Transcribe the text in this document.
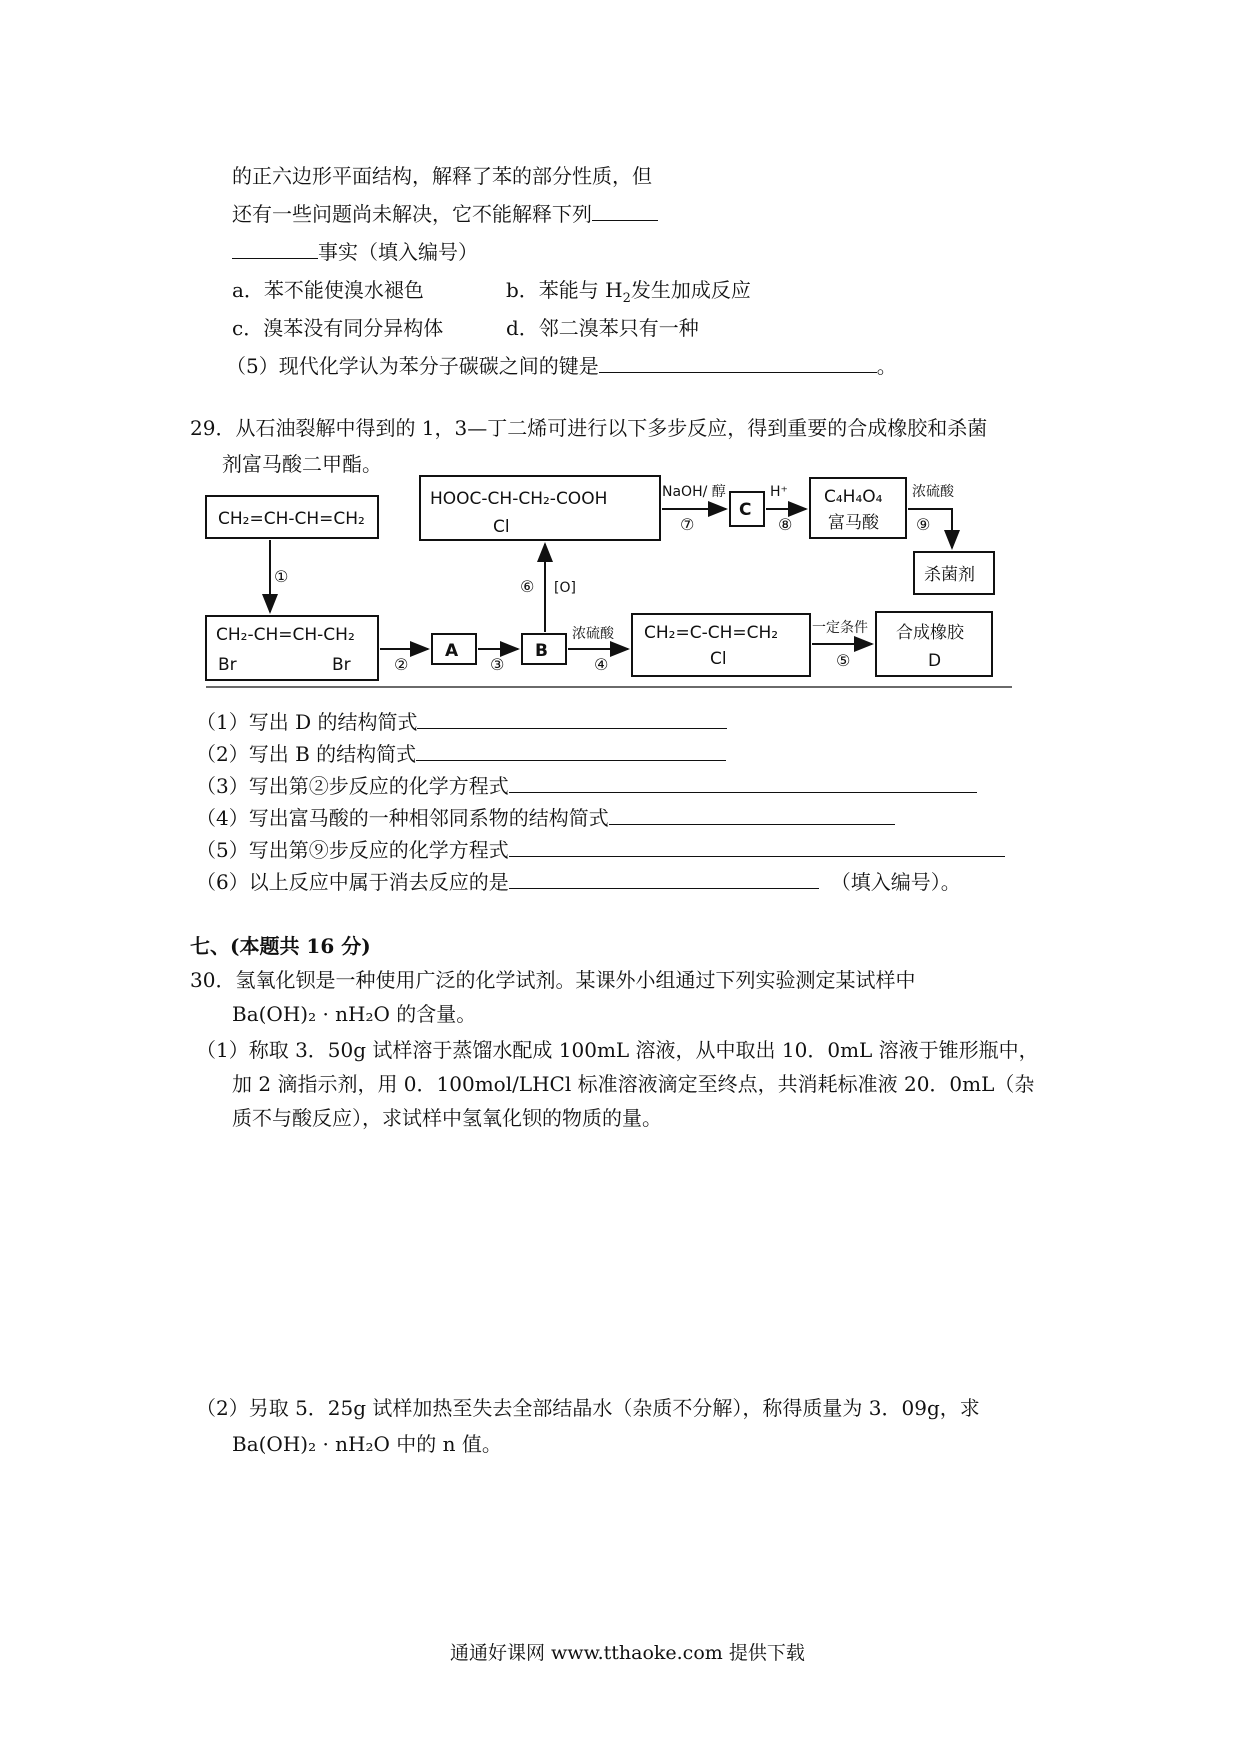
的正六边形平面结构，解释了苯的部分性质，但
还有一些问题尚未解决，它不能解释下列
事实（填入编号）
a．苯不能使溴水褪色	b．苯能与 $H_2$发生加成反应
c．溴苯没有同分异构体	d．邻二溴苯只有一种
（5）现代化学认为苯分子碳碳之间的键是	。
29．从石油裂解中得到的 1，3—丁二烯可进行以下多步反应，得到重要的合成橡胶和杀菌
剂富马酸二甲酯。
CH₂=CH-CH=CH₂
HOOC-CH-CH₂-COOH
Cl
C
C₄H₄O₄
富马酸
杀菌剂
CH₂-CH=CH-CH₂
Br	Br
A	B
CH₂=C-CH=CH₂
Cl
合成橡胶
D
NaOH/ 醇	H⁺	浓硫酸
浓硫酸
[O]
一定条件
①
②	③	④	⑤
⑥
⑦	⑧	⑨
（1）写出 D 的结构简式
（2）写出 B 的结构简式
（3）写出第②步反应的化学方程式
（4）写出富马酸的一种相邻同系物的结构简式
（5）写出第⑨步反应的化学方程式
（6）以上反应中属于消去反应的是	（填入编号）。
七、(本题共 16 分)
30．氢氧化钡是一种使用广泛的化学试剂。某课外小组通过下列实验测定某试样中
Ba(OH)₂ · nH₂O 的含量。
（1）称取 3．50g 试样溶于蒸馏水配成 100mL 溶液，从中取出 10．0mL 溶液于锥形瓶中，
加 2 滴指示剂，用 0．100mol/LHCl 标准溶液滴定至终点，共消耗标准液 20．0mL（杂
质不与酸反应），求试样中氢氧化钡的物质的量。
（2）另取 5．25g 试样加热至失去全部结晶水（杂质不分解），称得质量为 3．09g，求
Ba(OH)₂ · nH₂O 中的 n 值。
通通好课网 www.tthaoke.com 提供下载
